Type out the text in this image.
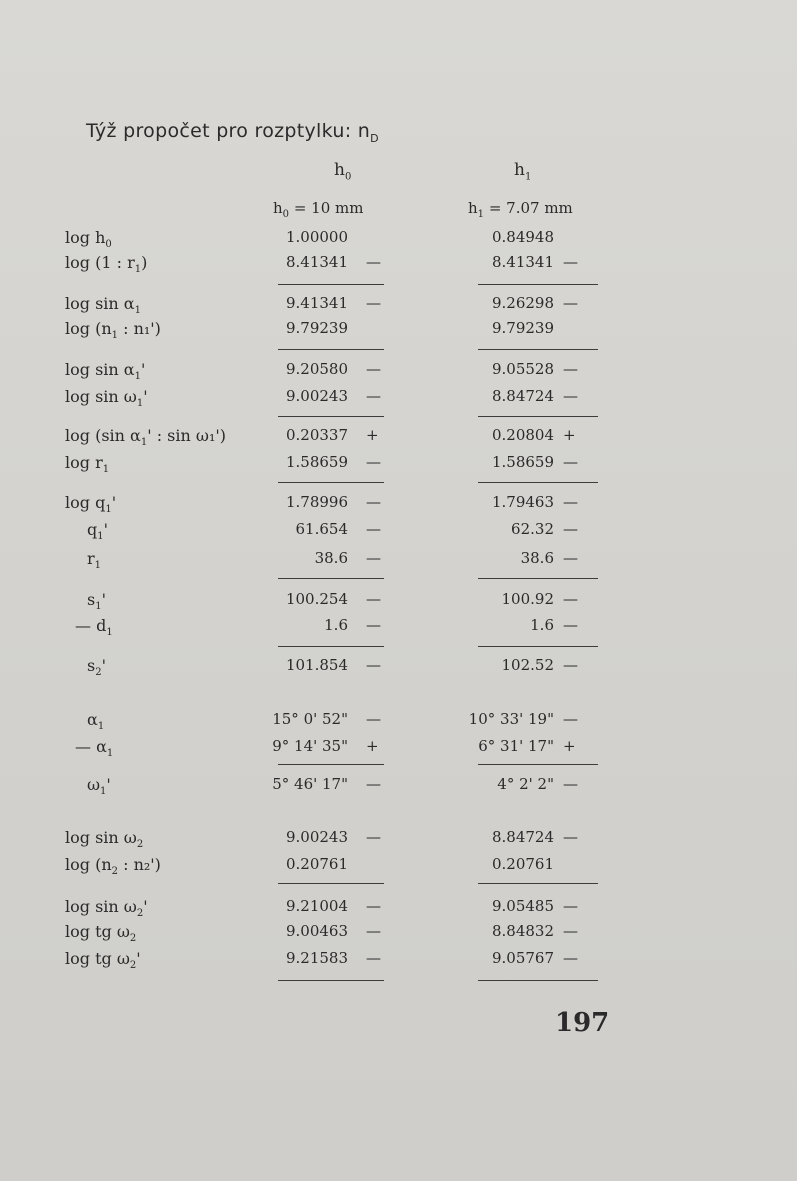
Týž propočet pro rozptylku: $n_D$
$h_0$	$h_1$
$h_0 = 10$ mm	$h_1 = 7.07$ mm
$\log h_0$	1.00000	0.84948
log (1 : $r_1$)	8.41341 —	8.41341 —
$\log \sin \alpha_1$	9.41341 —	9.26298 —
$\log (n_1$ : n₁')	9.79239	9.79239
$\log \sin \alpha_1'$	9.20580 —	9.05528 —
$\log \sin \omega_1'$	9.00243 —	8.84724 —
log (sin $\alpha_1'$ : sin ω₁')	0.20337 +	0.20804 +
$\log r_1$	1.58659 —	1.58659 —
$\log q_1'$	1.78996 —	1.79463 —
$q_1'$	61.654 —	62.32 —
$r_1$	38.6 —	38.6 —
$s_1'$	100.254 —	100.92 —
— $d_1$	1.6 —	1.6 —
$s_2'$	101.854 —	102.52 —
$\alpha_1$	15° 0' 52" —	10° 33' 19" —
— $\alpha_1$	9° 14' 35" +	6° 31' 17" +
$\omega_1'$	5° 46' 17" —	4° 2' 2" —
$\log \sin \omega_2$	9.00243 —	8.84724 —
$\log (n_2$ : n₂')	0.20761	0.20761
$\log \sin \omega_2'$	9.21004 —	9.05485 —
log tg $\omega_2$	9.00463 —	8.84832 —
log tg $\omega_2'$	9.21583 —	9.05767 —
197
